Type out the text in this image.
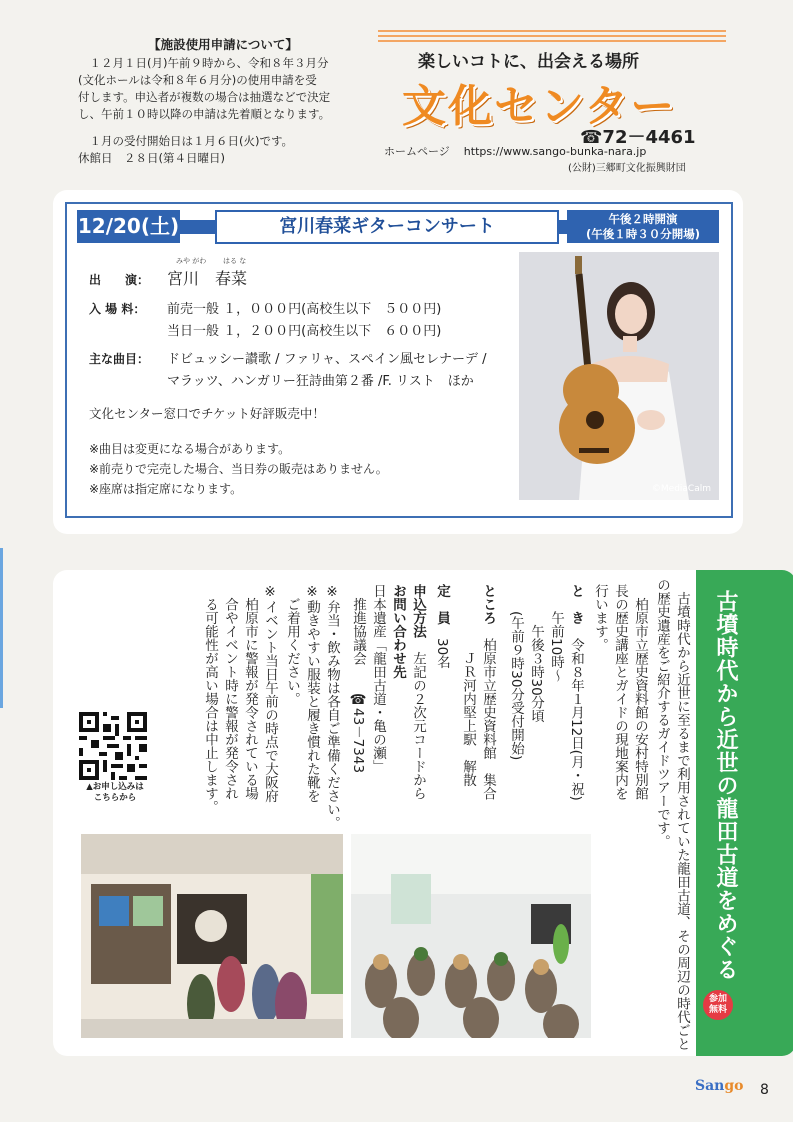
【施設使用申請について】

　１２月１日(月)午前９時から、令和８年３月分

(文化ホールは令和８年６月分)の使用申請を受

付します。申込者が複数の場合は抽選などで決定

し、午前１０時以降の申請は先着順となります。

　１月の受付開始日は１月６日(火)です。

休館日　２８日(第４日曜日)

楽しいコトに、出会える場所
文化センター
☎72－4461
ホームページ https://www.sango-bunka-nara.jp
(公財)三郷町文化振興財団
12/20(土)	宮川春菜ギターコンサート	午後２時開演
(午後１時３０分開場)
みや がわ はる な
出　　演： 宮川　春菜
入 場 料： 前売一般 １，０００円(高校生以下　５００円)
当日一般 １，２００円(高校生以下　６００円)
主な曲目： ドビュッシー讃歌 / ファリャ、スペイン風セレナーデ /
マラッツ、ハンガリー狂詩曲第２番 /F. リスト　ほか
文化センター窓口でチケット好評販売中！
※曲目は変更になる場合があります。
※前売りで完売した場合、当日券の販売はありません。
※座席は指定席になります。	©MediaCalm
古墳時代から近世の龍田古道をめぐる
参加
無料
　古墳時代から近世に至るまで利用されていた龍田古道、その周辺の時代ごと
の歴史遺産をご紹介するガイドツアーです。
　柏原市立歴史資料館の安村特別館
長の歴史講座とガイドの現地案内を
行います。
と　き　令和８年１月12日(月・祝)
　　午前10時～
　　　午後３時30分頃
　　(午前９時30分受付開始)
ところ　柏原市立歴史資料館　集合
　ＪＲ河内堅上駅　解散
定　員　30名
申込方法　左記の２次元コードから
お問い合わせ先
日本遺産「龍田古道・亀の瀬」
　推進協議会　　☎43－7343
※弁当・飲み物は各自ご準備ください。
※動きやすい服装と履き慣れた靴を
　ご着用ください。
※イベント当日午前の時点で大阪府
　柏原市に警報が発令されている場
　合やイベント時に警報が発令され
　る可能性が高い場合は中止します。
▲お申し込みは
こちらから
Sango 8
